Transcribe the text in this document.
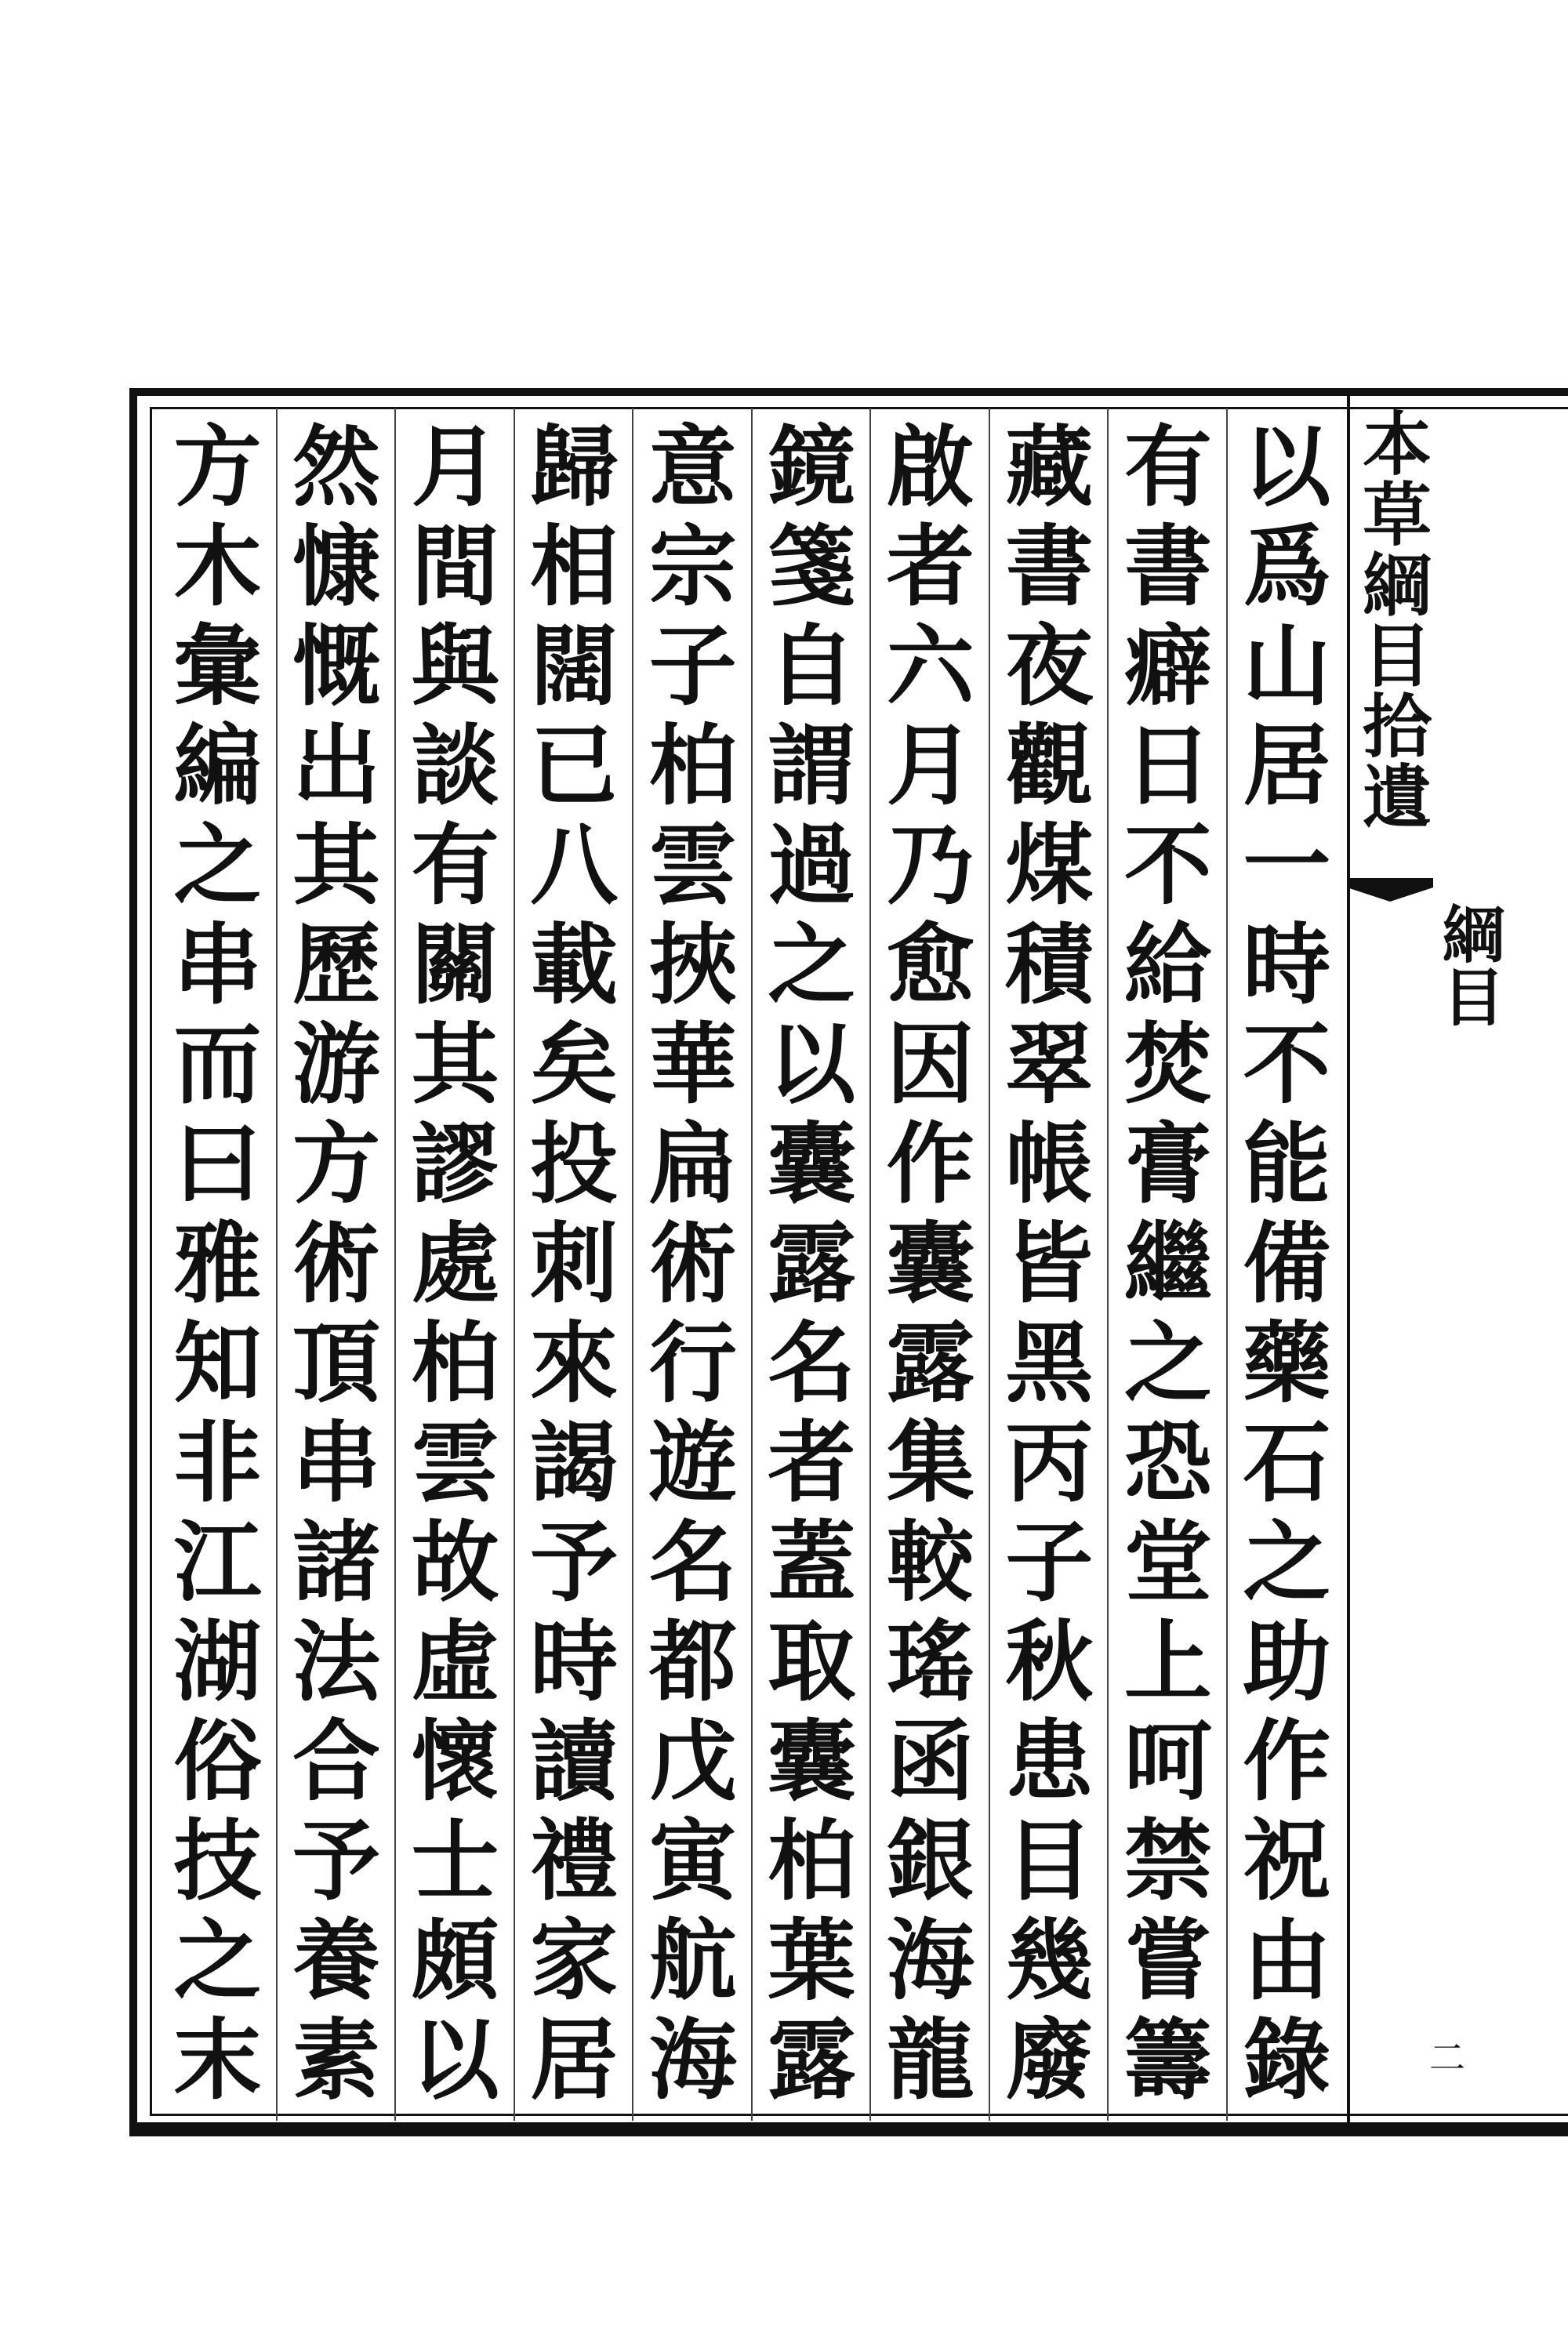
本草綱目拾遺
綱目
二
以爲山居一時不能備藥石之助作祝由錄
有書癖日不給焚膏繼之恐堂上呵禁嘗籌
藏書夜觀煤積翠帳皆黑丙子秋患目幾廢
啟者六月乃愈因作囊露集較瑤函銀海龍
鏡箋自謂過之以囊露名者蓋取囊柏葉露
意宗子柏雲挾華扁術行遊名都戊寅航海
歸相闊已八載矣投刺來謁予時讀禮家居
月間與談有關其謬處柏雲故虛懷士頗以
然慷慨出其歷游方術頂串諸法合予養素
方木彙編之串而曰雅知非江湖俗技之末
